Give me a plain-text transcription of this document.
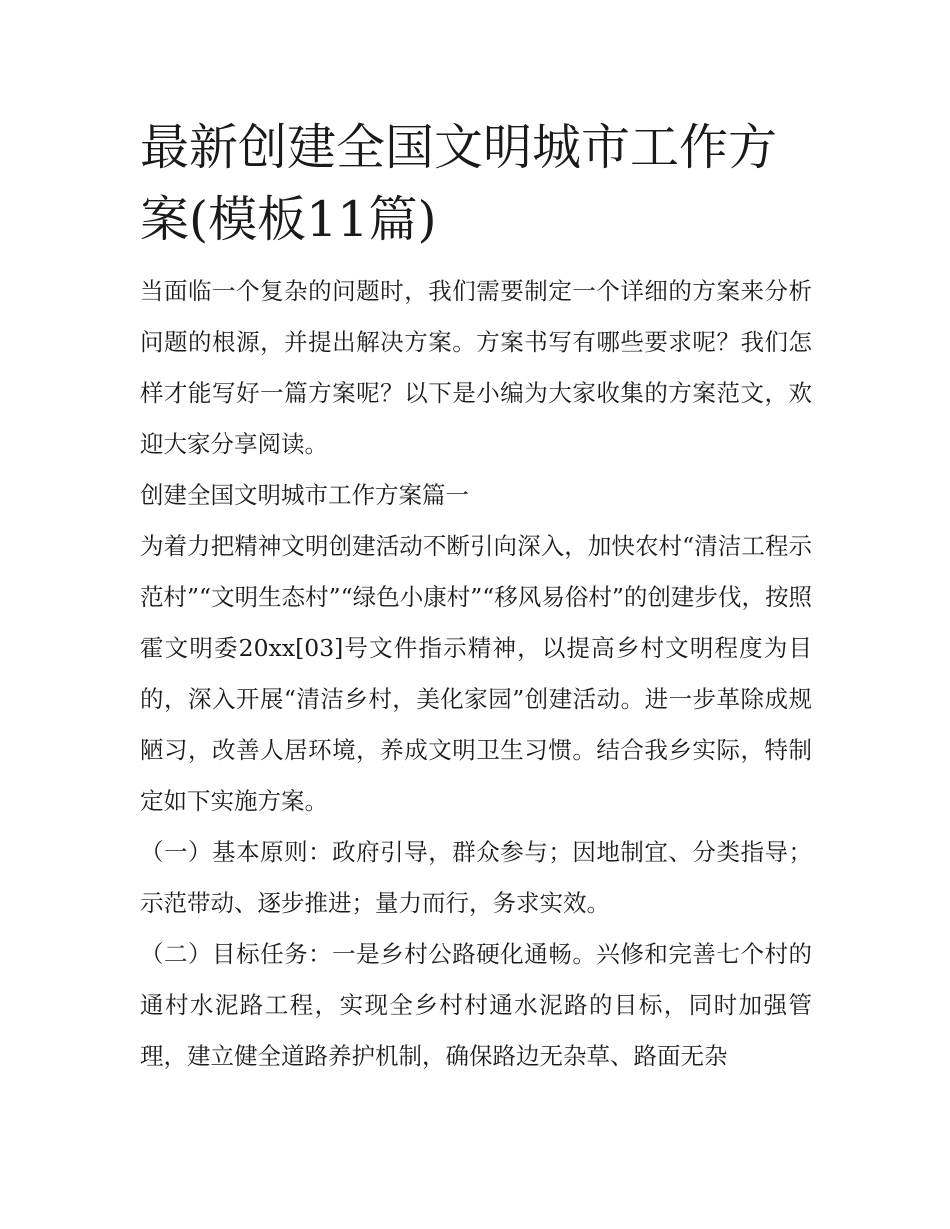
最新创建全国文明城市工作方案(模板11篇)

当面临一个复杂的问题时，我们需要制定一个详细的方案来分析问题的根源，并提出解决方案。方案书写有哪些要求呢？我们怎样才能写好一篇方案呢？以下是小编为大家收集的方案范文，欢迎大家分享阅读。

创建全国文明城市工作方案篇一

为着力把精神文明创建活动不断引向深入，加快农村“清洁工程示范村”“文明生态村”“绿色小康村”“移风易俗村”的创建步伐，按照霍文明委20xx[03]号文件指示精神，以提高乡村文明程度为目的，深入开展“清洁乡村，美化家园”创建活动。进一步革除成规陋习，改善人居环境，养成文明卫生习惯。结合我乡实际，特制定如下实施方案。

（一）基本原则：政府引导，群众参与；因地制宜、分类指导；示范带动、逐步推进；量力而行，务求实效。

（二）目标任务：一是乡村公路硬化通畅。兴修和完善七个村的通村水泥路工程，实现全乡村村通水泥路的目标，同时加强管理，建立健全道路养护机制，确保路边无杂草、路面无杂
